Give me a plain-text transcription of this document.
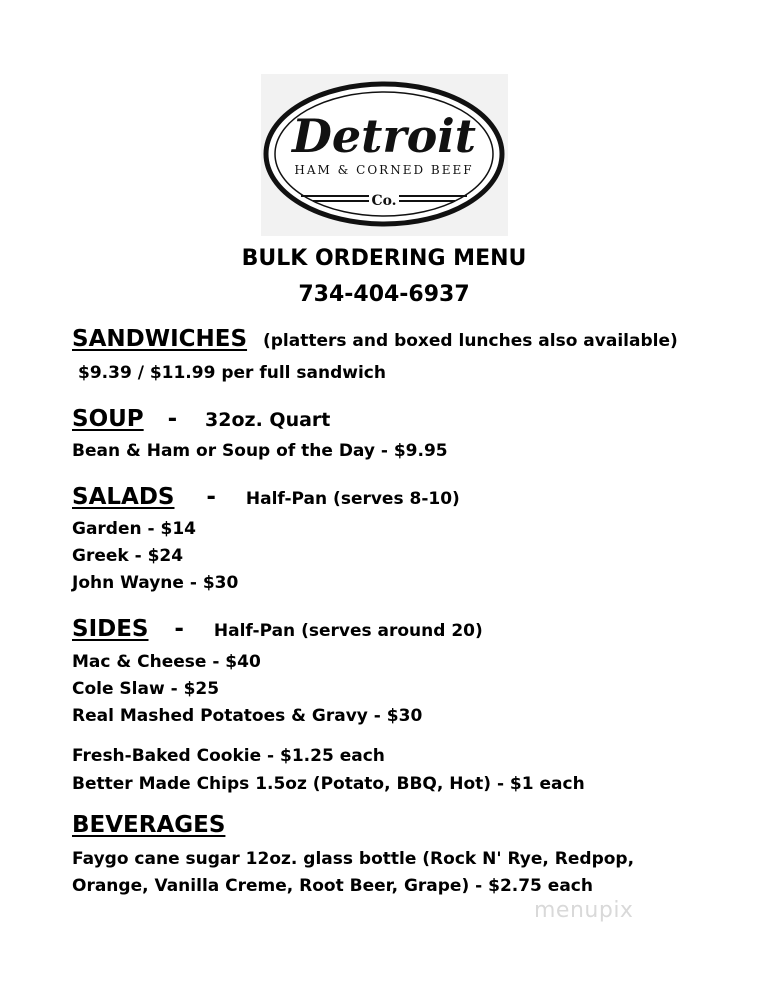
Detroit
HAM & CORNED BEEF
Co.
BULK ORDERING MENU
734-404-6937
SANDWICHES (platters and boxed lunches also available)
$9.39 / $11.99 per full sandwich
SOUP - 32oz. Quart
Bean & Ham or Soup of the Day - $9.95
SALADS - Half-Pan (serves 8-10)
Garden - $14
Greek - $24
John Wayne - $30
SIDES - Half-Pan (serves around 20)
Mac & Cheese - $40
Cole Slaw - $25
Real Mashed Potatoes & Gravy - $30
Fresh-Baked Cookie - $1.25 each
Better Made Chips 1.5oz (Potato, BBQ, Hot) - $1 each
BEVERAGES
Faygo cane sugar 12oz. glass bottle (Rock N' Rye, Redpop,
Orange, Vanilla Creme, Root Beer, Grape) - $2.75 each
menupix
